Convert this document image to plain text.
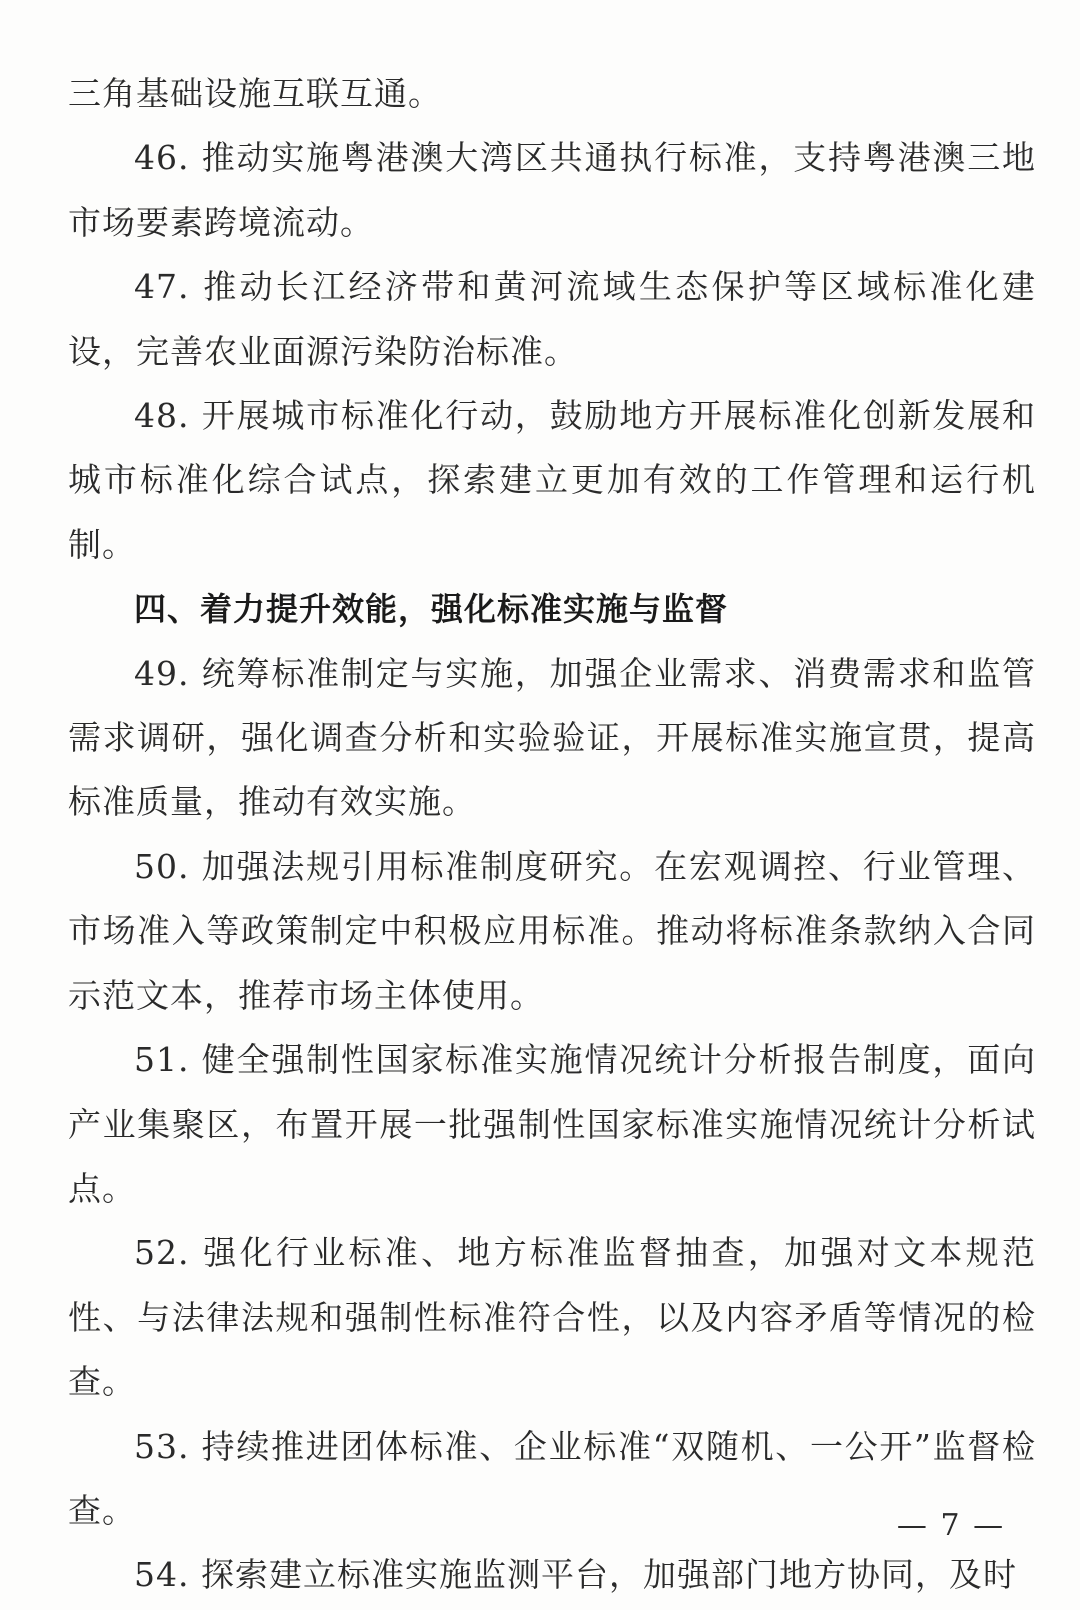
三角基础设施互联互通。

46. 推动实施粤港澳大湾区共通执行标准，支持粤港澳三地市场要素跨境流动。

47. 推动长江经济带和黄河流域生态保护等区域标准化建设，完善农业面源污染防治标准。

48. 开展城市标准化行动，鼓励地方开展标准化创新发展和城市标准化综合试点，探索建立更加有效的工作管理和运行机制。

四、着力提升效能，强化标准实施与监督

49. 统筹标准制定与实施，加强企业需求、消费需求和监管需求调研，强化调查分析和实验验证，开展标准实施宣贯，提高标准质量，推动有效实施。

50. 加强法规引用标准制度研究。在宏观调控、行业管理、市场准入等政策制定中积极应用标准。推动将标准条款纳入合同示范文本，推荐市场主体使用。

51. 健全强制性国家标准实施情况统计分析报告制度，面向产业集聚区，布置开展一批强制性国家标准实施情况统计分析试点。

52. 强化行业标准、地方标准监督抽查，加强对文本规范性、与法律法规和强制性标准符合性，以及内容矛盾等情况的检查。

53. 持续推进团体标准、企业标准“双随机、一公开”监督检查。

54. 探索建立标准实施监测平台，加强部门地方协同，及时

— 7 —
